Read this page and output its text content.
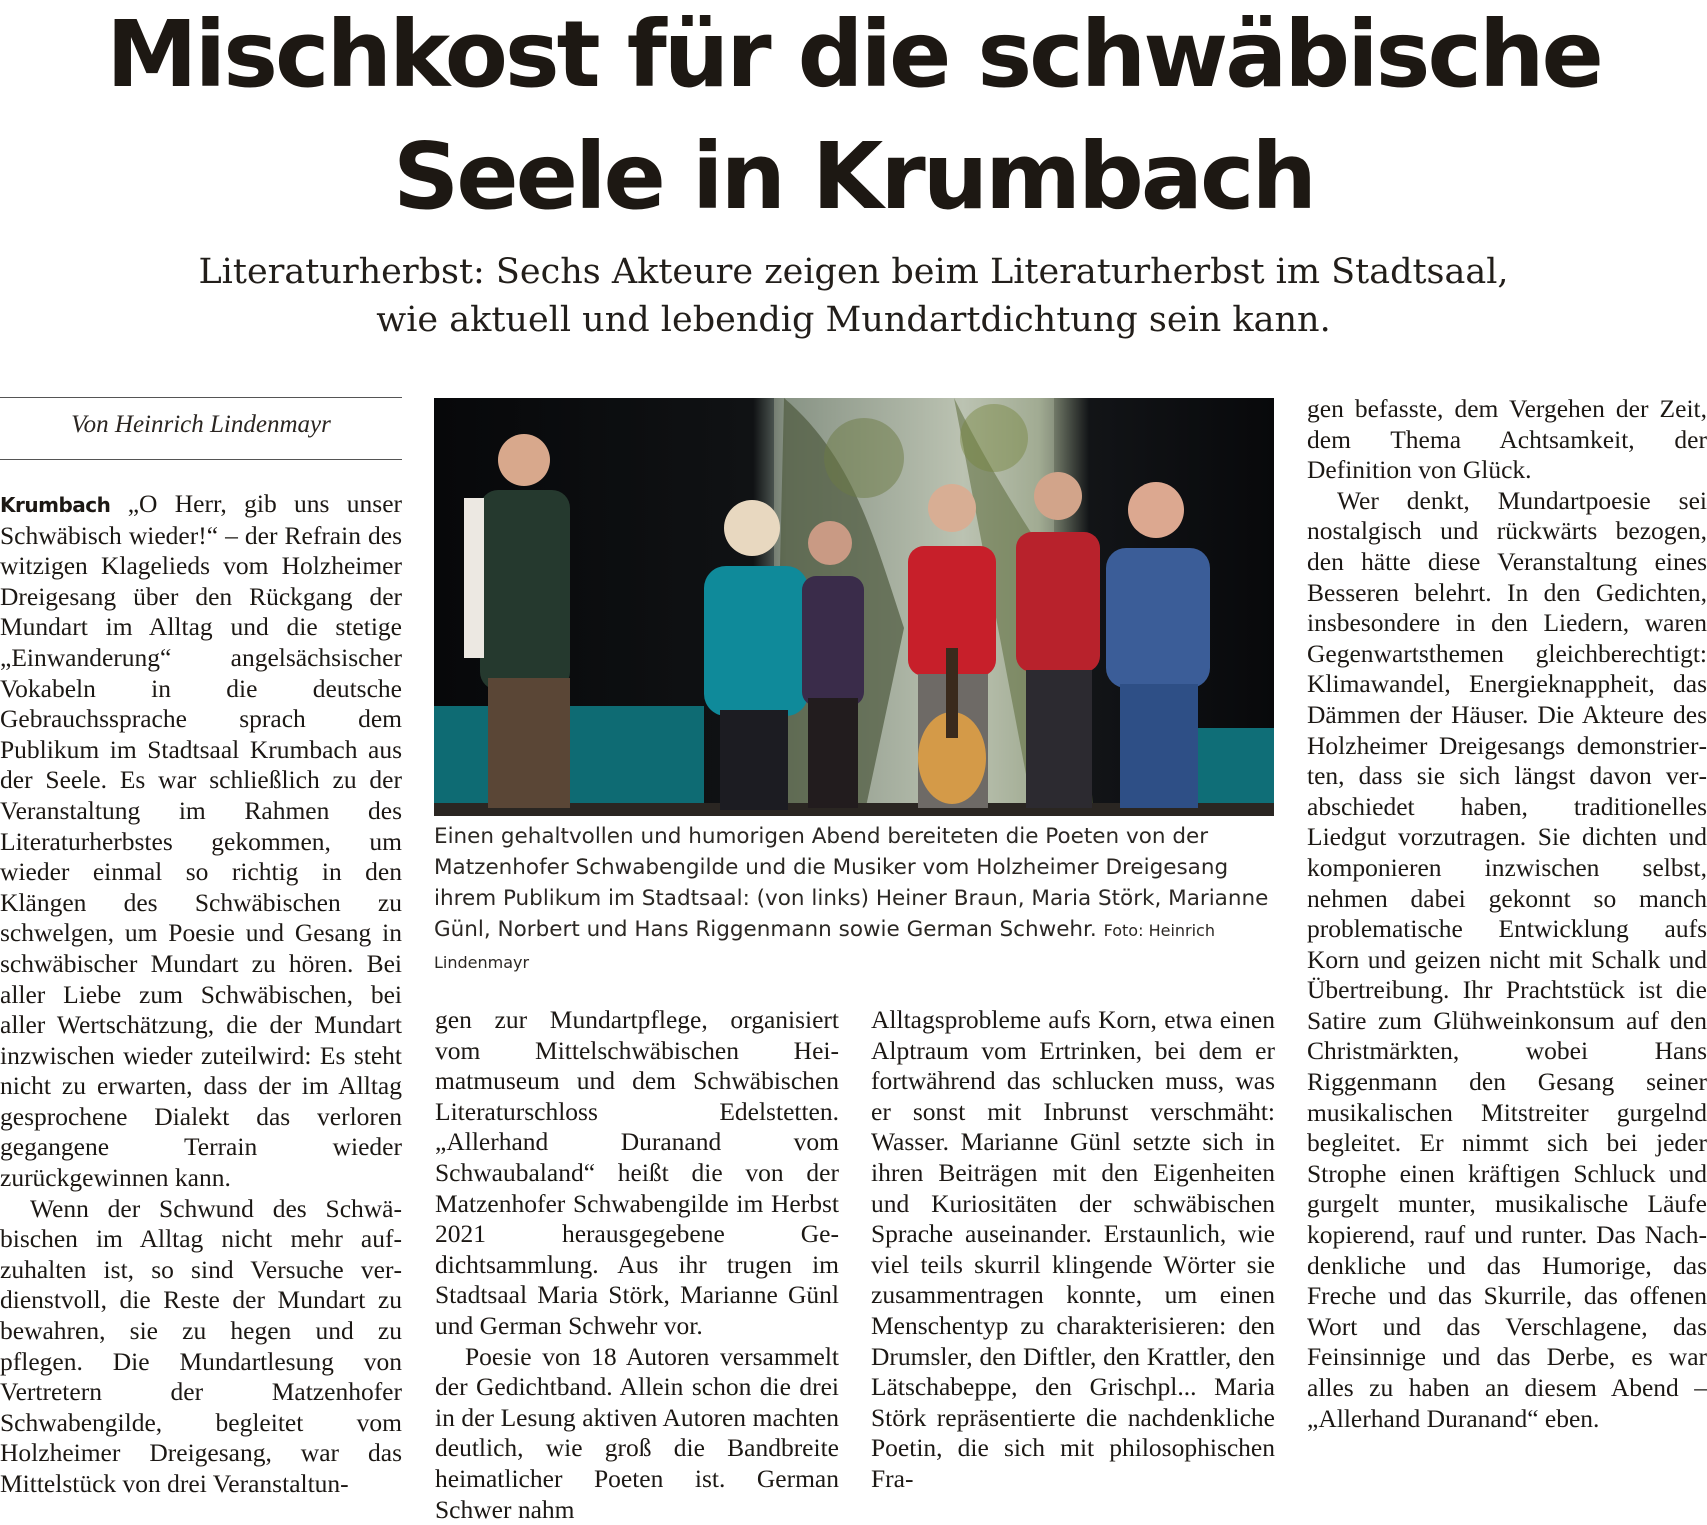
Mischkost für die schwäbische
Seele in Krumbach
Literaturherbst: Sechs Akteure zeigen beim Literaturherbst im Stadtsaal,
wie aktuell und lebendig Mundartdichtung sein kann.

Von Heinrich Lindenmayr

Krumbach „O Herr, gib uns unser Schwäbisch wieder!“ – der Refrain des witzigen Klagelieds vom Holzheimer Dreigesang über den Rückgang der Mundart im Alltag und die stetige „Einwanderung“ angelsächsischer Vokabeln in die deutsche Gebrauchssprache sprach dem Publikum im Stadtsaal Krumbach aus der Seele. Es war schließlich zu der Veranstaltung im Rahmen des Literaturherbstes gekommen, um wieder einmal so richtig in den Klängen des Schwäbischen zu schwelgen, um Poesie und Gesang in schwäbischer Mundart zu hören. Bei aller Liebe zum Schwäbischen, bei aller Wertschätzung, die der Mundart inzwischen wieder zuteilwird: Es steht nicht zu erwarten, dass der im Alltag gesprochene Dialekt das verloren gegangene Terrain wieder zurückgewinnen kann.

Wenn der Schwund des Schwäbischen im Alltag nicht mehr aufzuhalten ist, so sind Versuche verdienstvoll, die Reste der Mundart zu bewahren, sie zu hegen und zu pflegen. Die Mundartlesung von Vertretern der Matzenhofer Schwabengilde, begleitet vom Holzheimer Dreigesang, war das Mittelstück von drei Veranstaltun-

gen zur Mundartpflege, organisiert vom Mittelschwäbischen Heimatmuseum und dem Schwäbischen Literaturschloss Edelstetten. „Allerhand Duranand vom Schwaubaland“ heißt die von der Matzenhofer Schwabengilde im Herbst 2021 herausgegebene Gedichtsammlung. Aus ihr trugen im Stadtsaal Maria Störk, Marianne Günl und German Schwehr vor.

Poesie von 18 Autoren versammelt der Gedichtband. Allein schon die drei in der Lesung aktiven Autoren machten deutlich, wie groß die Bandbreite heimatlicher Poeten ist. German Schwer nahm

Alltagsprobleme aufs Korn, etwa einen Alptraum vom Ertrinken, bei dem er fortwährend das schlucken muss, was er sonst mit Inbrunst verschmäht: Wasser. Marianne Günl setzte sich in ihren Beiträgen mit den Eigenheiten und Kuriositäten der schwäbischen Sprache auseinander. Erstaunlich, wie viel teils skurril klingende Wörter sie zusammentragen konnte, um einen Menschentyp zu charakterisieren: den Drumsler, den Diftler, den Krattler, den Lätschabeppe, den Grischpl... Maria Störk repräsentierte die nachdenkliche Poetin, die sich mit philosophischen Fra-

gen befasste, dem Vergehen der Zeit, dem Thema Achtsamkeit, der Definition von Glück.

Wer denkt, Mundartpoesie sei nostalgisch und rückwärts bezogen, den hätte diese Veranstaltung eines Besseren belehrt. In den Gedichten, insbesondere in den Liedern, waren Gegenwartsthemen gleichberechtigt: Klimawandel, Energieknappheit, das Dämmen der Häuser. Die Akteure des Holzheimer Dreigesangs demonstrierten, dass sie sich längst davon verabschiedet haben, traditionelles Liedgut vorzutragen. Sie dichten und komponieren inzwischen selbst, nehmen dabei gekonnt so manch problematische Entwicklung aufs Korn und geizen nicht mit Schalk und Übertreibung. Ihr Prachtstück ist die Satire zum Glühweinkonsum auf den Christmärkten, wobei Hans Riggenmann den Gesang seiner musikalischen Mitstreiter gurgelnd begleitet. Er nimmt sich bei jeder Strophe einen kräftigen Schluck und gurgelt munter, musikalische Läufe kopierend, rauf und runter. Das Nachdenkliche und das Humorige, das Freche und das Skurrile, das offenen Wort und das Verschlagene, das Feinsinnige und das Derbe, es war alles zu haben an diesem Abend – „Allerhand Duranand“ eben.

Einen gehaltvollen und humorigen Abend bereiteten die Poeten von der Matzenhofer Schwabengilde und die Musiker vom Holzheimer Dreigesang ihrem Publikum im Stadtsaal: (von links) Heiner Braun, Maria Störk, Marianne Günl, Norbert und Hans Riggenmann sowie German Schwehr. Foto: Heinrich Lindenmayr
